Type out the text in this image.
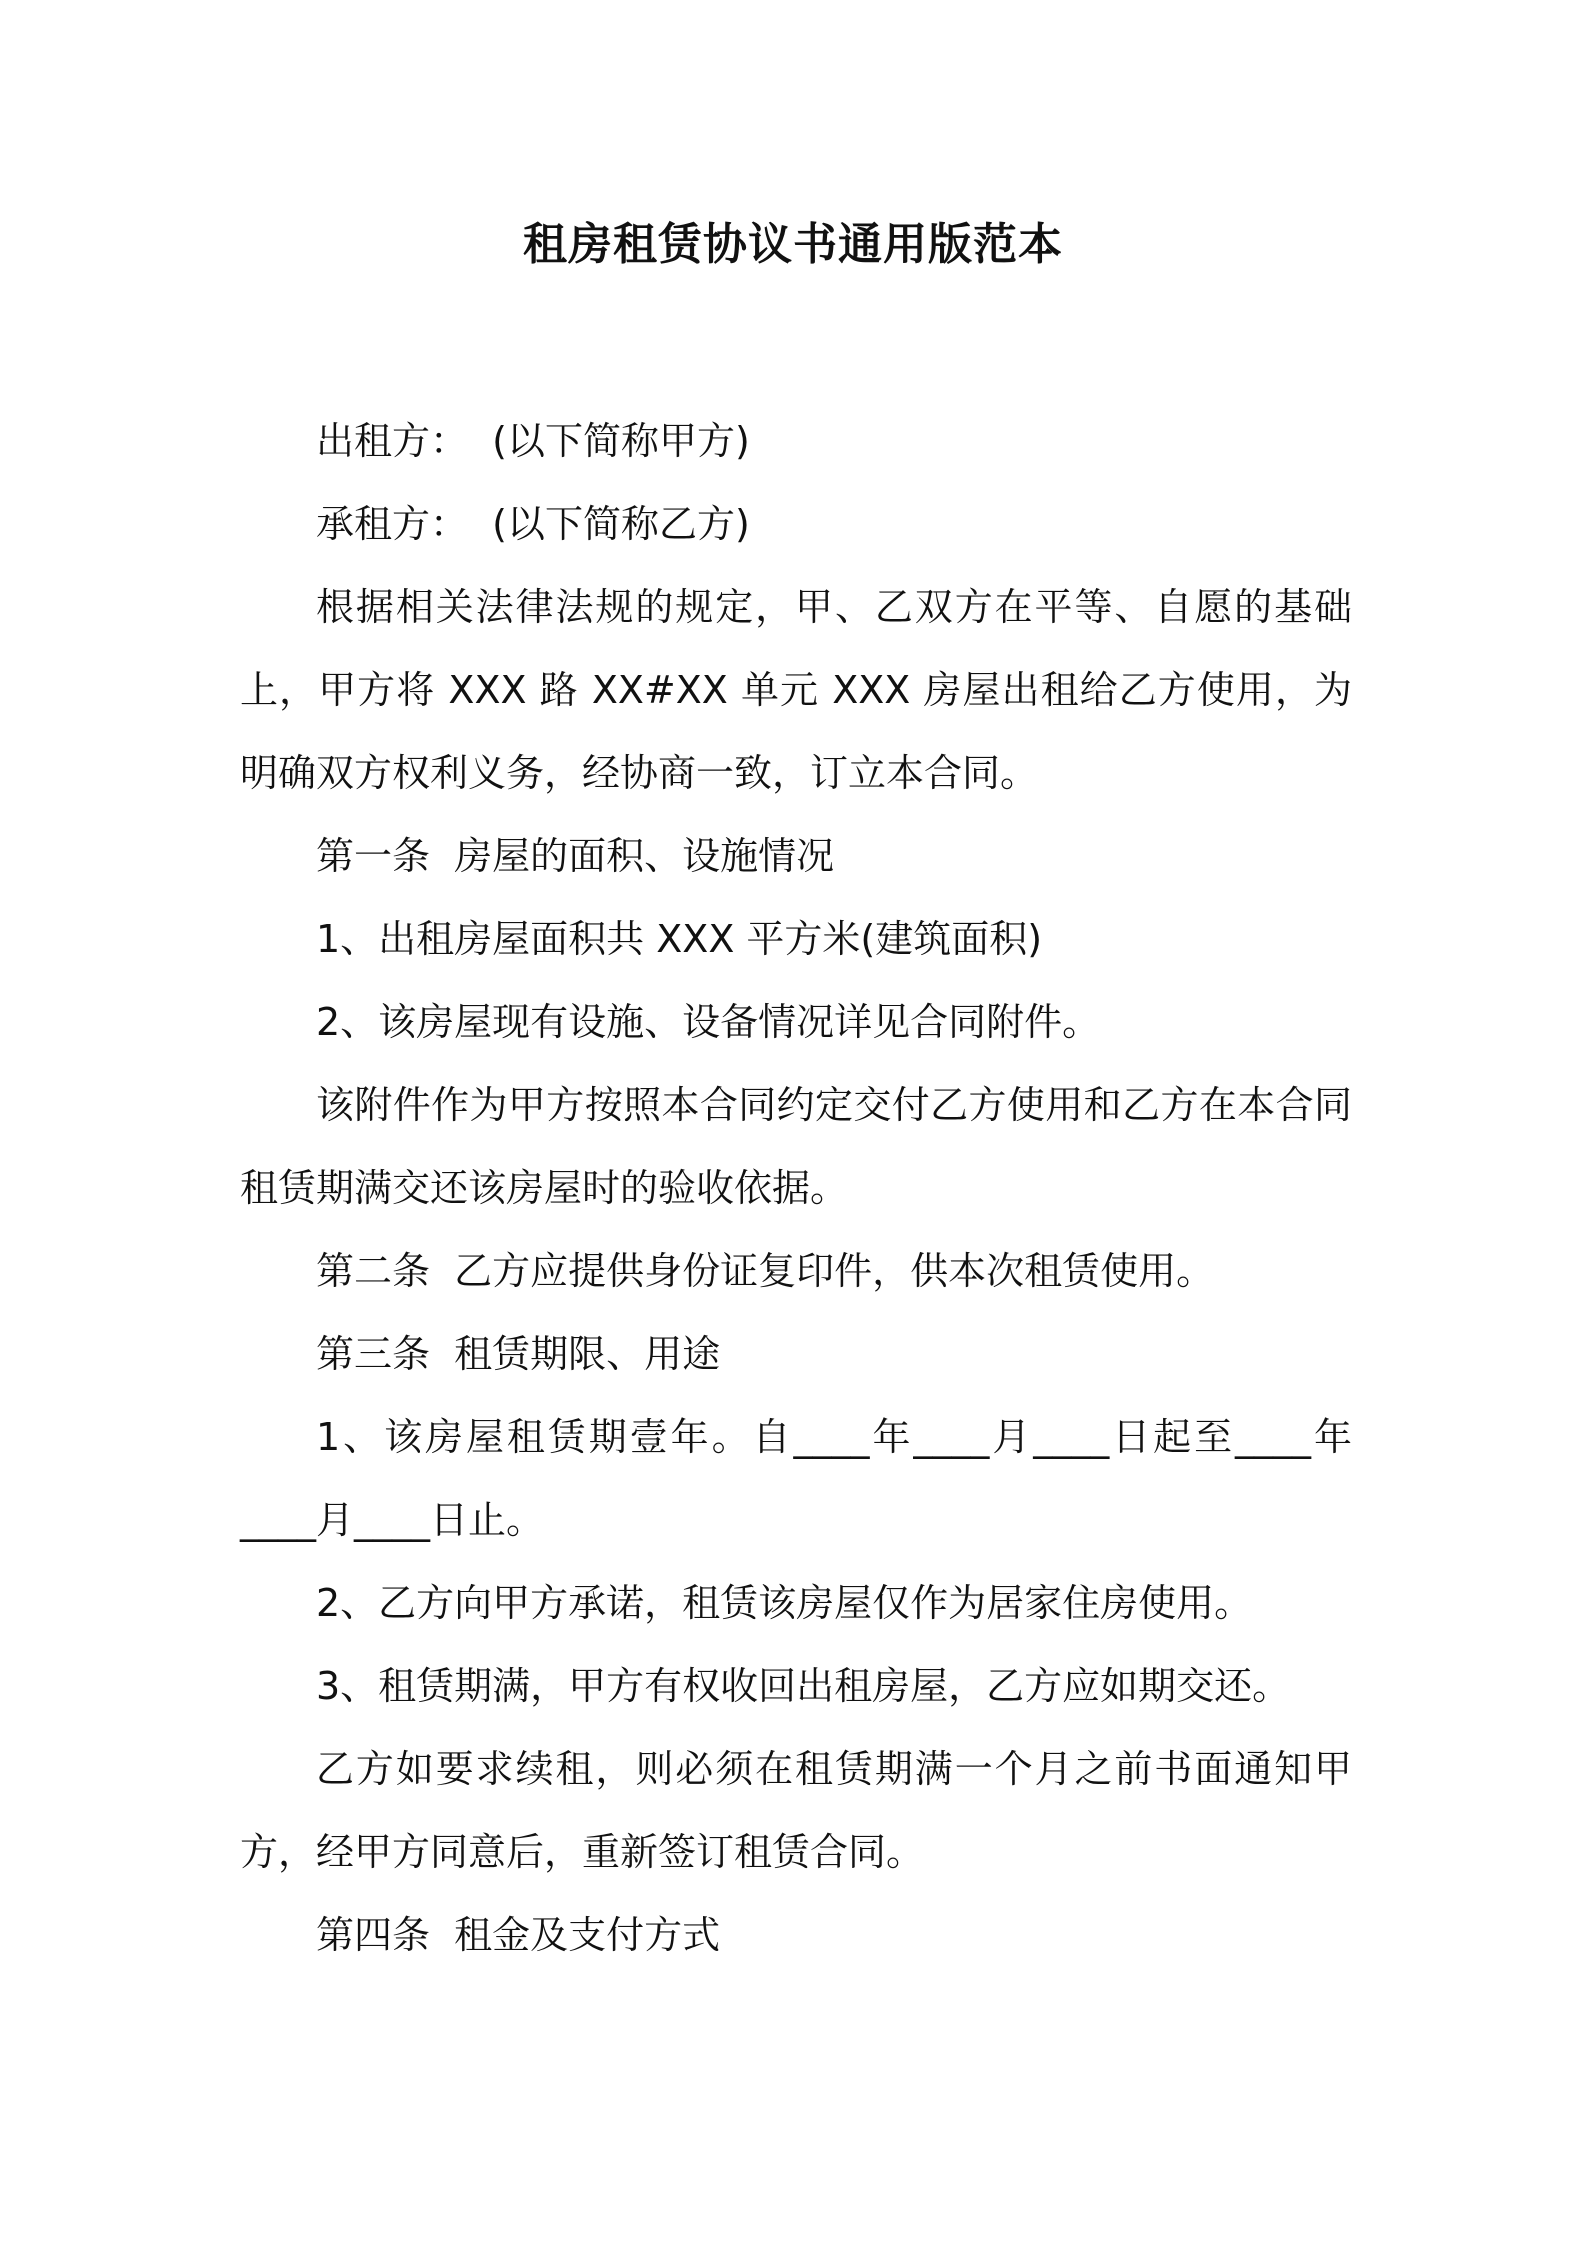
租房租赁协议书通用版范本

出租方：  (以下简称甲方)

承租方：  (以下简称乙方)

根据相关法律法规的规定，甲、乙双方在平等、自愿的基础上，甲方将 XXX 路 XX#XX 单元 XXX 房屋出租给乙方使用，为明确双方权利义务，经协商一致，订立本合同。

第一条  房屋的面积、设施情况

1、出租房屋面积共 XXX 平方米(建筑面积)

2、该房屋现有设施、设备情况详见合同附件。

该附件作为甲方按照本合同约定交付乙方使用和乙方在本合同租赁期满交还该房屋时的验收依据。

第二条  乙方应提供身份证复印件，供本次租赁使用。

第三条  租赁期限、用途

1、该房屋租赁期壹年。自____年____月____日起至____年____月____日止。

2、乙方向甲方承诺，租赁该房屋仅作为居家住房使用。

3、租赁期满，甲方有权收回出租房屋，乙方应如期交还。

乙方如要求续租，则必须在租赁期满一个月之前书面通知甲方，经甲方同意后，重新签订租赁合同。

第四条  租金及支付方式
